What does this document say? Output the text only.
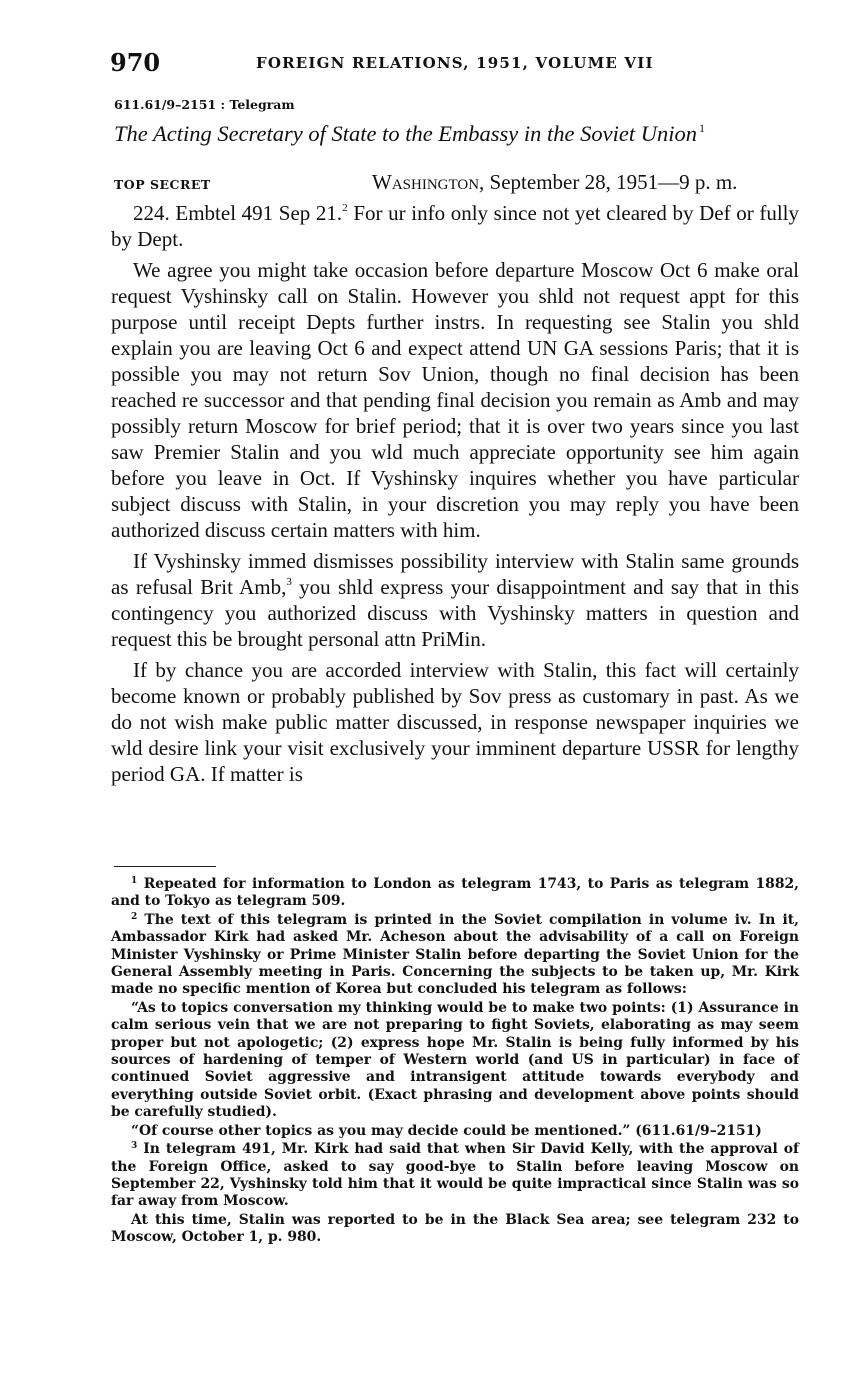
970	FOREIGN RELATIONS, 1951, VOLUME VII
611.61/9–2151 : Telegram
The Acting Secretary of State to the Embassy in the Soviet Union $^1$
TOP SECRET	Washington, September 28, 1951—9 p. m.

224. Embtel 491 Sep 21.$^2$ For ur info only since not yet cleared by Def or fully by Dept.

We agree you might take occasion before departure Moscow Oct 6 make oral request Vyshinsky call on Stalin. However you shld not request appt for this purpose until receipt Depts further instrs. In requesting see Stalin you shld explain you are leaving Oct 6 and expect attend UN GA sessions Paris; that it is possible you may not return Sov Union, though no final decision has been reached re successor and that pending final decision you remain as Amb and may possibly return Moscow for brief period; that it is over two years since you last saw Premier Stalin and you wld much appreciate opportunity see him again before you leave in Oct. If Vyshinsky inquires whether you have particular subject discuss with Stalin, in your discretion you may reply you have been authorized discuss certain matters with him.

If Vyshinsky immed dismisses possibility interview with Stalin same grounds as refusal Brit Amb,$^3$ you shld express your disappointment and say that in this contingency you authorized discuss with Vyshinsky matters in question and request this be brought personal attn PriMin.

If by chance you are accorded interview with Stalin, this fact will certainly become known or probably published by Sov press as customary in past. As we do not wish make public matter discussed, in response newspaper inquiries we wld desire link your visit exclusively your imminent departure USSR for lengthy period GA. If matter is

$^1$ Repeated for information to London as telegram 1743, to Paris as telegram 1882, and to Tokyo as telegram 509.

$^2$ The text of this telegram is printed in the Soviet compilation in volume iv. In it, Ambassador Kirk had asked Mr. Acheson about the advisability of a call on Foreign Minister Vyshinsky or Prime Minister Stalin before departing the Soviet Union for the General Assembly meeting in Paris. Concerning the subjects to be taken up, Mr. Kirk made no specific mention of Korea but concluded his telegram as follows:

“As to topics conversation my thinking would be to make two points: (1) Assurance in calm serious vein that we are not preparing to fight Soviets, elaborating as may seem proper but not apologetic; (2) express hope Mr. Stalin is being fully informed by his sources of hardening of temper of Western world (and US in particular) in face of continued Soviet aggressive and intransigent attitude towards everybody and everything outside Soviet orbit. (Exact phrasing and development above points should be carefully studied).

“Of course other topics as you may decide could be mentioned.” (611.61/9–2151)

$^3$ In telegram 491, Mr. Kirk had said that when Sir David Kelly, with the approval of the Foreign Office, asked to say good-bye to Stalin before leaving Moscow on September 22, Vyshinsky told him that it would be quite impractical since Stalin was so far away from Moscow.

At this time, Stalin was reported to be in the Black Sea area; see telegram 232 to Moscow, October 1, p. 980.
